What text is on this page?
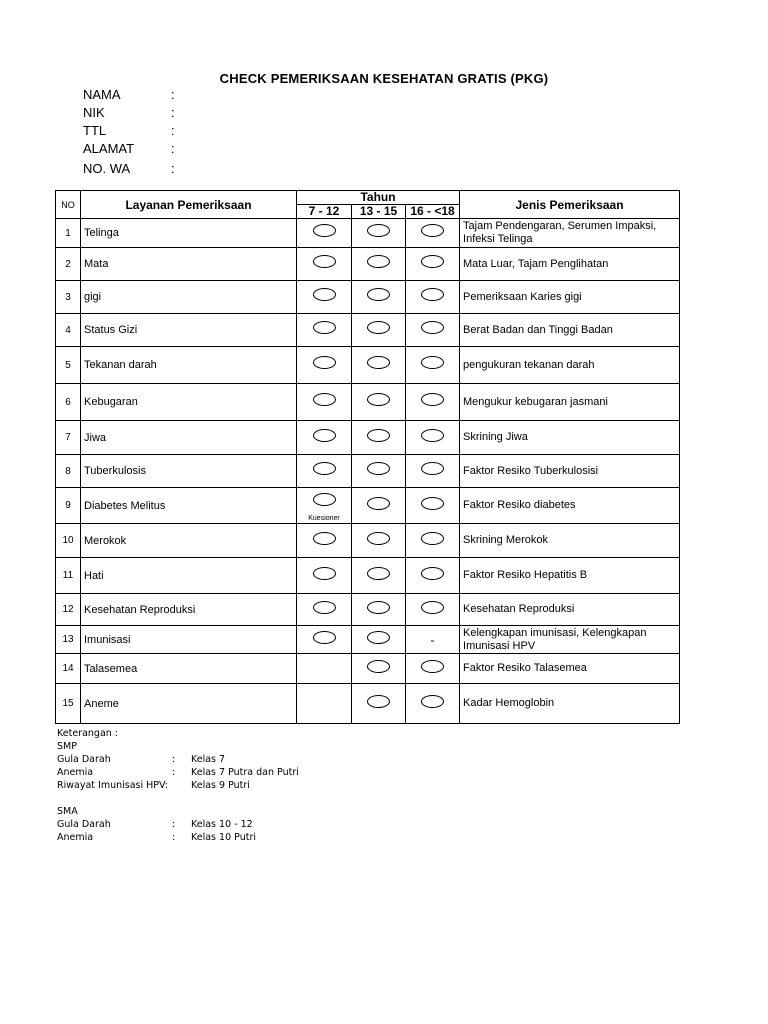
CHECK PEMERIKSAAN KESEHATAN GRATIS (PKG)
NAMA	:
NIK	:
TTL	:
ALAMAT	:
NO. WA	:
NO	Layanan Pemeriksaan	Tahun			Jenis Pemeriksaan
		7 - 12	13 - 15	16 - <18	
1	Telinga				Tajam Pendengaran, Serumen Impaksi, Infeksi Telinga
2	Mata				Mata Luar, Tajam Penglihatan
3	gigi				Pemeriksaan Karies gigi
4	Status Gizi				Berat Badan dan Tinggi Badan
5	Tekanan darah				pengukuran tekanan darah
6	Kebugaran				Mengukur kebugaran jasmani
7	Jiwa				Skrining Jiwa
8	Tuberkulosis				Faktor Resiko Tuberkulosisi
9	Diabetes Melitus	Kuesioner			Faktor Resiko diabetes
10	Merokok				Skrining Merokok
11	Hati				Faktor Resiko Hepatitis B
12	Kesehatan Reproduksi				Kesehatan Reproduksi
13	Imunisasi			-	Kelengkapan imunisasi, Kelengkapan Imunisasi HPV
14	Talasemea				Faktor Resiko Talasemea
15	Aneme				Kadar Hemoglobin
Keterangan :
SMP
Gula Darah	: Kelas 7
Anemia	: Kelas 7 Putra dan Putri
Riwayat Imunisasi HPV: Kelas 9 Putri
SMA
Gula Darah	: Kelas 10 - 12
Anemia	: Kelas 10 Putri
